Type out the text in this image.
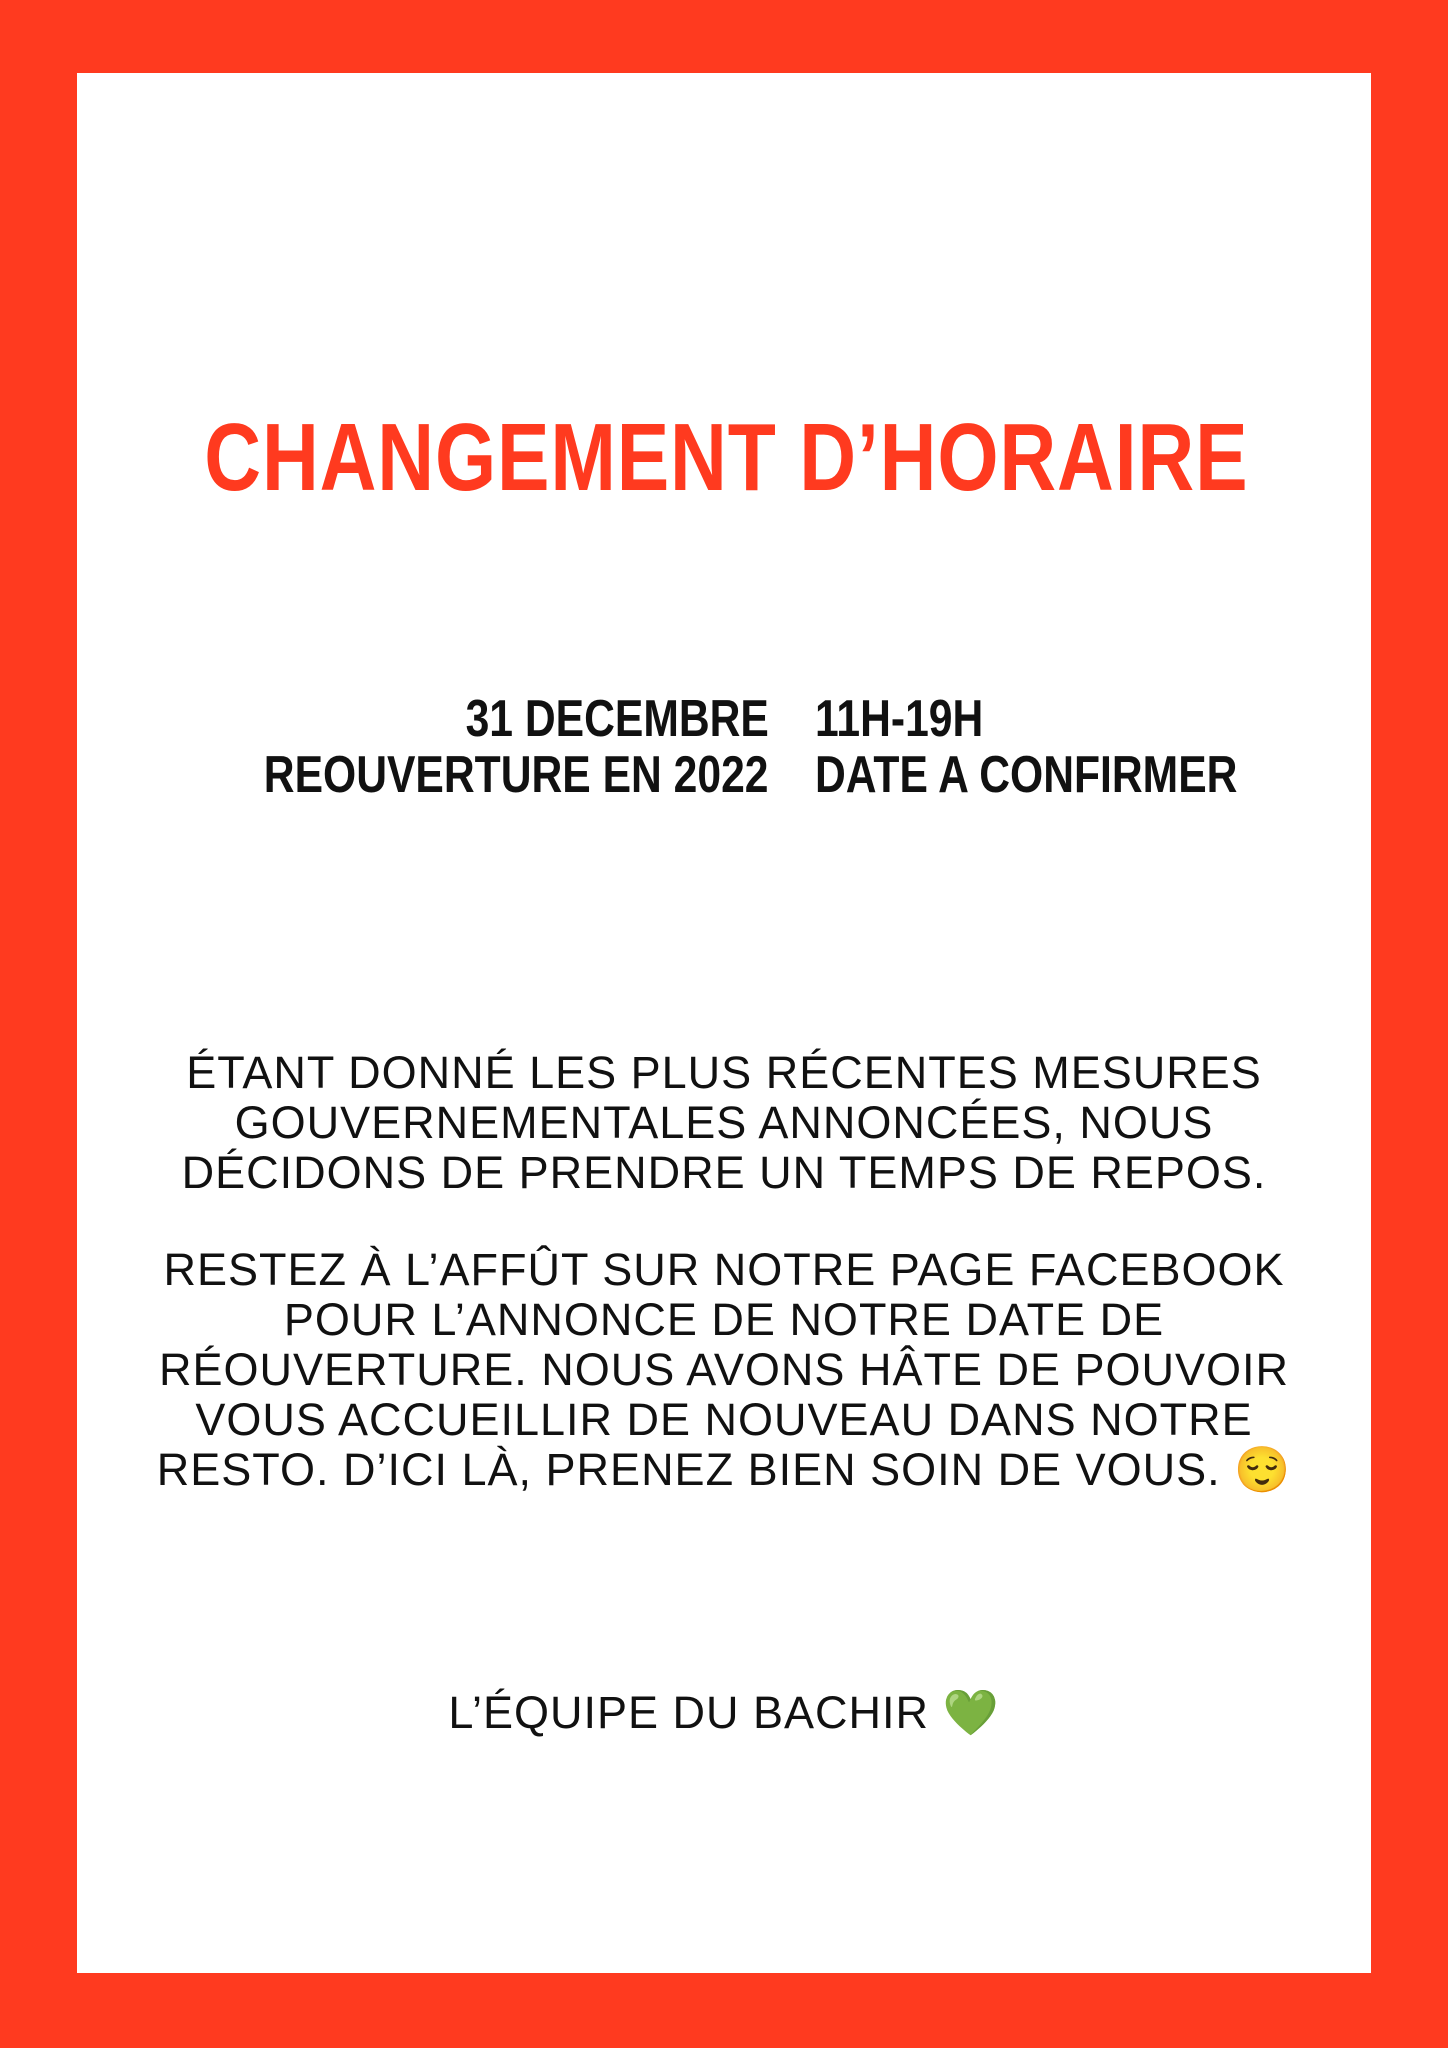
CHANGEMENT D’HORAIRE
31 DECEMBRE 11H-19H
REOUVERTURE EN 2022 DATE A CONFIRMER

ÉTANT DONNÉ LES PLUS RÉCENTES MESURES GOUVERNEMENTALES ANNONCÉES, NOUS DÉCIDONS DE PRENDRE UN TEMPS DE REPOS.

RESTEZ À L’AFFÛT SUR NOTRE PAGE FACEBOOK POUR L’ANNONCE DE NOTRE DATE DE RÉOUVERTURE. NOUS AVONS HÂTE DE POUVOIR VOUS ACCUEILLIR DE NOUVEAU DANS NOTRE RESTO. D’ICI LÀ, PRENEZ BIEN SOIN DE VOUS. 😌

L’ÉQUIPE DU BACHIR 💚
